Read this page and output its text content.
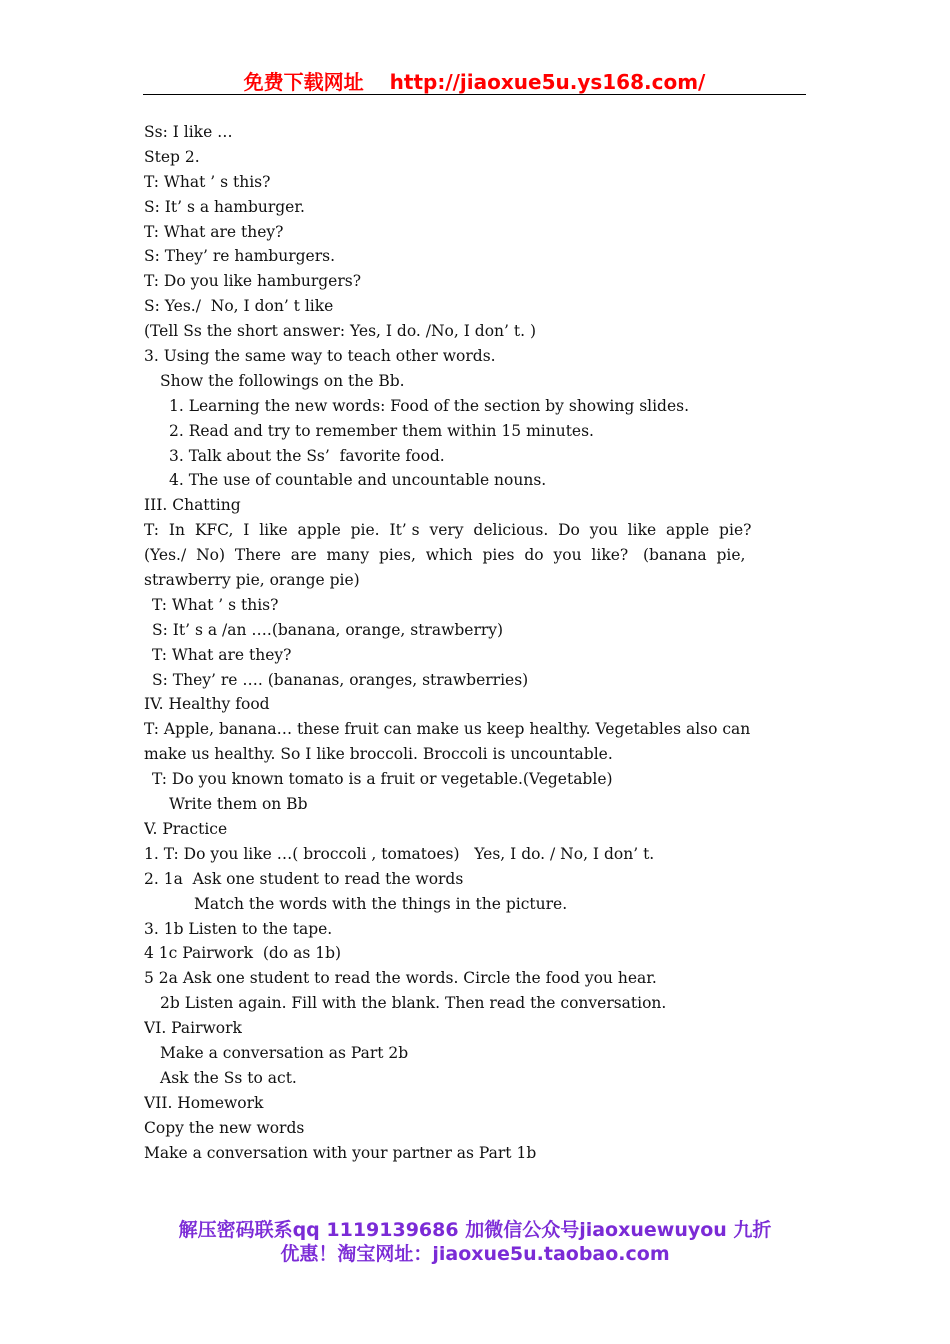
免费下载网址 http://jiaoxue5u.ys168.com/
Ss: I like …
Step 2.
T: What ’ s this?
S: It’ s a hamburger.
T: What are they?
S: They’ re hamburgers.
T: Do you like hamburgers?
S: Yes./  No, I don’ t like
(Tell Ss the short answer: Yes, I do. /No, I don’ t. )
3. Using the same way to teach other words.
Show the followings on the Bb.
1. Learning the new words: Food of the section by showing slides.
2. Read and try to remember them within 15 minutes.
3. Talk about the Ss’  favorite food.
4. The use of countable and uncountable nouns.
III. Chatting
T:  In  KFC,  I  like  apple  pie.  It’ s  very  delicious.  Do  you  like  apple  pie?
(Yes./  No)  There  are  many  pies,  which  pies  do  you  like?   (banana  pie,
strawberry pie, orange pie)
T: What ’ s this?
S: It’ s a /an ….(banana, orange, strawberry)
T: What are they?
S: They’ re …. (bananas, oranges, strawberries)
IV. Healthy food
T: Apple, banana… these fruit can make us keep healthy. Vegetables also can
make us healthy. So I like broccoli. Broccoli is uncountable.
T: Do you known tomato is a fruit or vegetable.(Vegetable)
Write them on Bb
V. Practice
1. T: Do you like …( broccoli , tomatoes)   Yes, I do. / No, I don’ t.
2. 1a  Ask one student to read the words
Match the words with the things in the picture.
3. 1b Listen to the tape.
4 1c Pairwork  (do as 1b)
5 2a Ask one student to read the words. Circle the food you hear.
2b Listen again. Fill with the blank. Then read the conversation.
VI. Pairwork
Make a conversation as Part 2b
Ask the Ss to act.
VII. Homework
Copy the new words
Make a conversation with your partner as Part 1b
解压密码联系qq 1119139686 加微信公众号jiaoxuewuyou 九折
优惠！淘宝网址：jiaoxue5u.taobao.com
